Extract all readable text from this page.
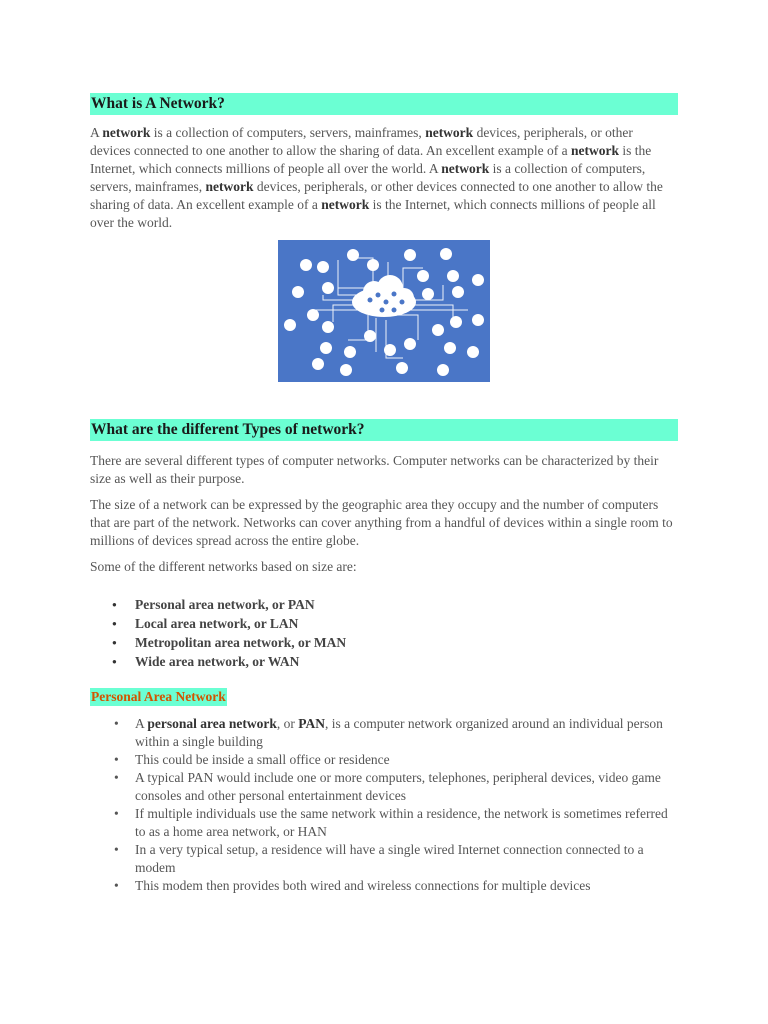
What is A Network?

A network is a collection of computers, servers, mainframes, network devices, peripherals, or other devices connected to one another to allow the sharing of data. An excellent example of a network is the Internet, which connects millions of people all over the world. A network is a collection of computers, servers, mainframes, network devices, peripherals, or other devices connected to one another to allow the sharing of data. An excellent example of a network is the Internet, which connects millions of people all over the world.

What are the different Types of network?

There are several different types of computer networks. Computer networks can be characterized by their size as well as their purpose.

The size of a network can be expressed by the geographic area they occupy and the number of computers that are part of the network. Networks can cover anything from a handful of devices within a single room to millions of devices spread across the entire globe.

Some of the different networks based on size are:

● Personal area network, or PAN
● Local area network, or LAN
● Metropolitan area network, or MAN
● Wide area network, or WAN
Personal Area Network
• A personal area network, or PAN, is a computer network organized around an individual person within a single building
• This could be inside a small office or residence
• A typical PAN would include one or more computers, telephones, peripheral devices, video game consoles and other personal entertainment devices
• If multiple individuals use the same network within a residence, the network is sometimes referred to as a home area network, or HAN
• In a very typical setup, a residence will have a single wired Internet connection connected to a modem
• This modem then provides both wired and wireless connections for multiple devices
